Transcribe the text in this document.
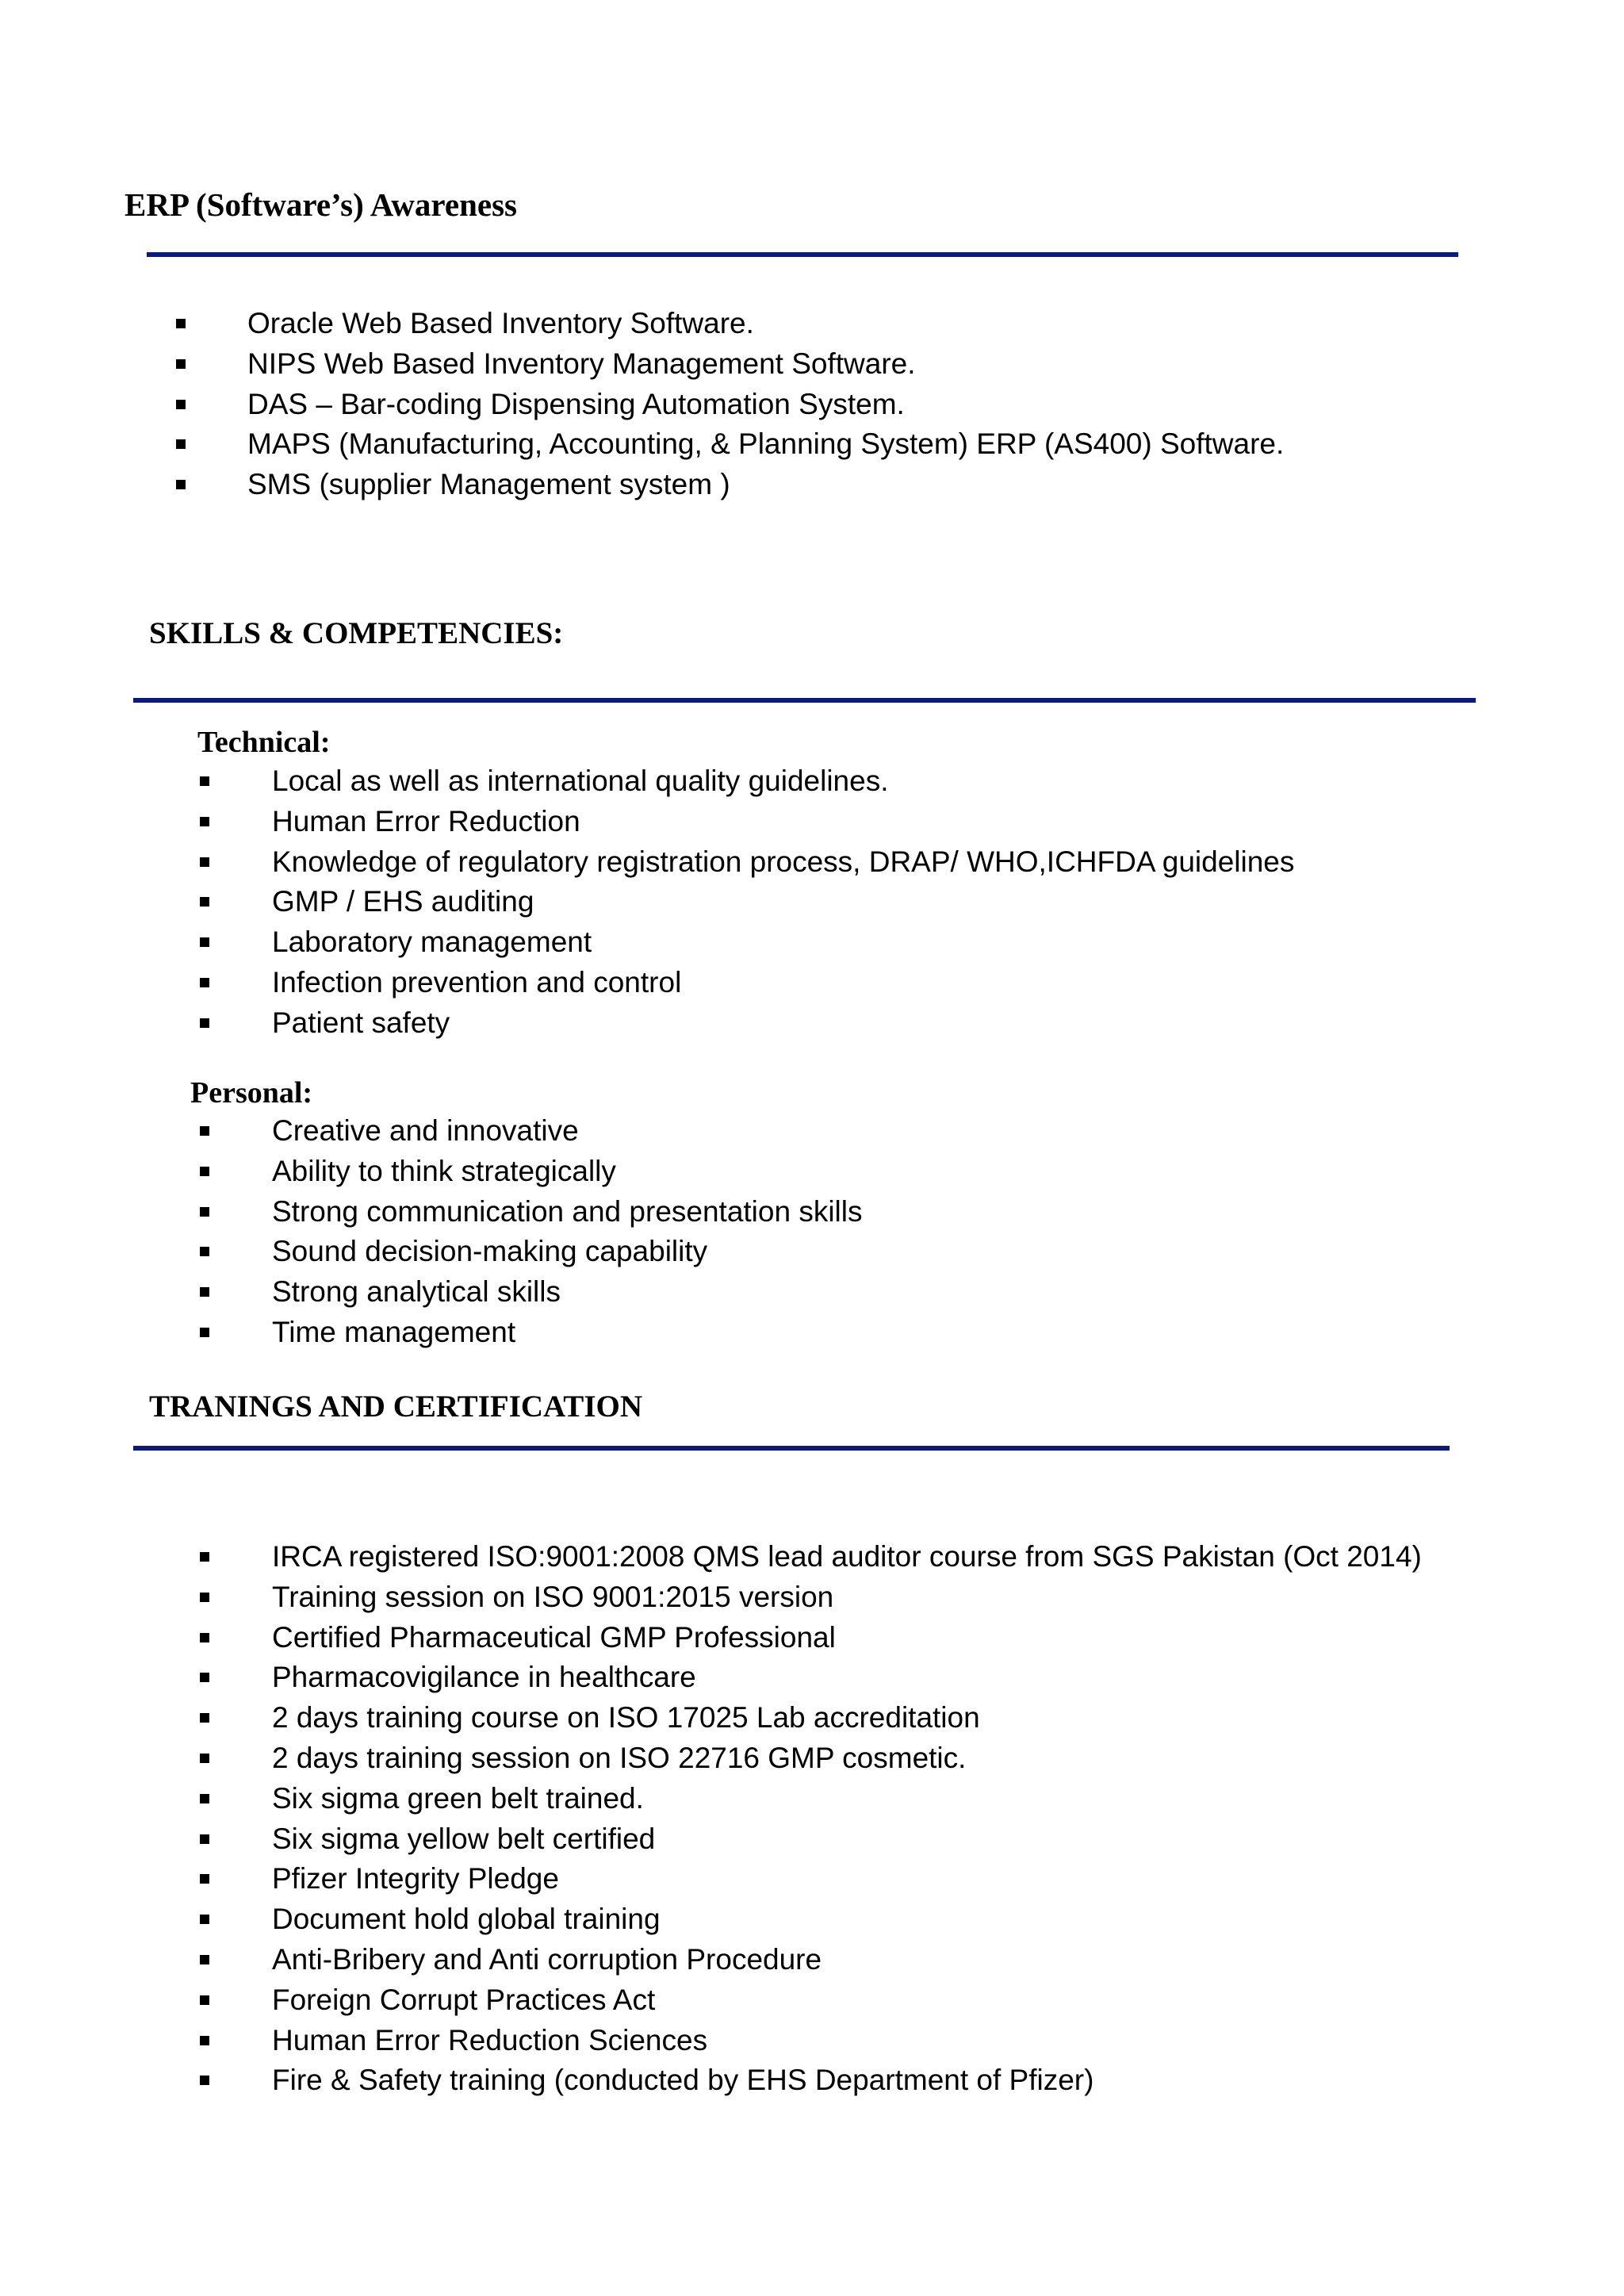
ERP (Software’s) Awareness
Oracle Web Based Inventory Software.
NIPS Web Based Inventory Management Software.
DAS – Bar-coding Dispensing Automation System.
MAPS (Manufacturing, Accounting, & Planning System) ERP (AS400) Software.
SMS (supplier Management system )
SKILLS & COMPETENCIES:
Technical:
Local as well as international quality guidelines.
Human Error Reduction
Knowledge of regulatory registration process, DRAP/ WHO,ICHFDA guidelines
GMP / EHS auditing
Laboratory management
Infection prevention and control
Patient safety
Personal:
Creative and innovative
Ability to think strategically
Strong communication and presentation skills
Sound decision-making capability
Strong analytical skills
Time management
TRANINGS AND CERTIFICATION
IRCA registered ISO:9001:2008 QMS lead auditor course from SGS Pakistan (Oct 2014)
Training session on ISO 9001:2015 version
Certified Pharmaceutical GMP Professional
Pharmacovigilance in healthcare
2 days training course on ISO 17025 Lab accreditation
2 days training session on ISO 22716 GMP cosmetic.
Six sigma green belt trained.
Six sigma yellow belt certified
Pfizer Integrity Pledge
Document hold global training
Anti-Bribery and Anti corruption Procedure
Foreign Corrupt Practices Act
Human Error Reduction Sciences
Fire & Safety training (conducted by EHS Department of Pfizer)
